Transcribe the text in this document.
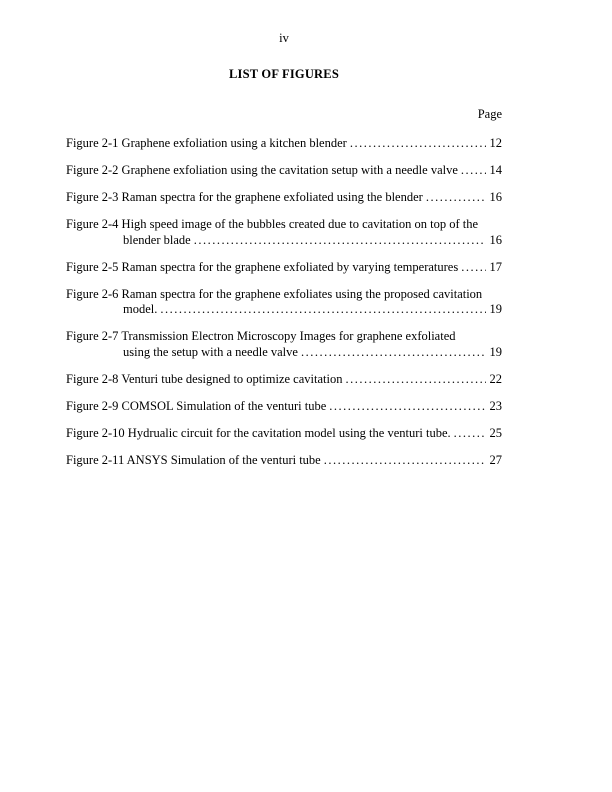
iv
LIST OF FIGURES
Page
Figure 2-1 Graphene exfoliation using a kitchen blender .....	12
Figure 2-2 Graphene exfoliation using the cavitation setup with a needle valve .....	14
Figure 2-3 Raman spectra for the graphene exfoliated using the blender .....	16
Figure 2-4 High speed image of the bubbles created due to cavitation on top of the
blender blade .....	16
Figure 2-5 Raman spectra for the graphene exfoliated by varying temperatures .....	17
Figure 2-6 Raman spectra for the graphene exfoliates using the proposed cavitation
model. .....	19
Figure 2-7 Transmission Electron Microscopy Images for graphene exfoliated
using the setup with a needle valve .....	19
Figure 2-8 Venturi tube designed to optimize cavitation .....	22
Figure 2-9 COMSOL Simulation of the venturi tube .....	23
Figure 2-10 Hydrualic circuit for the cavitation model using the venturi tube. .....	25
Figure 2-11 ANSYS Simulation of the venturi tube .....	27
